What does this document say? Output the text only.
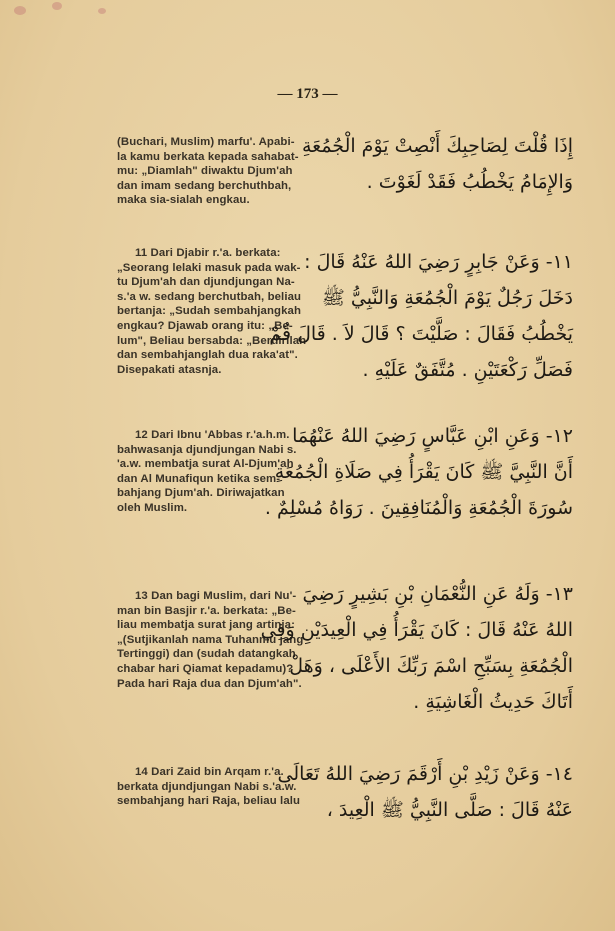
— 173 —
(Buchari, Muslim) marfu'. Apabi-
la kamu berkata kepada sahabat-
mu: „Diamlah" diwaktu Djum'ah
dan imam sedang berchuthbah,
maka sia-sialah engkau.
إِذَا قُلْتَ لِصَاحِبِكَ أَنْصِتْ يَوْمَ الْجُمُعَةِ
وَالإِمَامُ يَخْطُبُ فَقَدْ لَغَوْتَ .
11 Dari Djabir r.'a. berkata:
„Seorang lelaki masuk pada wak-
tu Djum'ah dan djundjungan Na-
s.'a w. sedang berchutbah, beliau
bertanja: „Sudah sembahjangkah
engkau? Djawab orang itu: „Be-
lum", Beliau bersabda: „Berdirilah
dan sembahjanglah dua raka'at".
Disepakati atasnja.
١١- وَعَنْ جَابِرٍ رَضِيَ اللهُ عَنْهُ قَالَ :
دَخَلَ رَجُلٌ يَوْمَ الْجُمُعَةِ وَالنَّبِيُّ ﷺ
يَخْطُبُ فَقَالَ : صَلَّيْتَ ؟ قَالَ لاَ . قَالَ قُمْ
فَصَلِّ رَكْعَتَيْنِ . مُتَّفَقٌ عَلَيْهِ .
12 Dari Ibnu 'Abbas r.'a.h.m.
bahwasanja djundjungan Nabi s.
'a.w. membatja surat Al-Djum'ah
dan Al Munafiqun ketika sem-
bahjang Djum'ah. Diriwajatkan
oleh Muslim.
١٢- وَعَنِ ابْنِ عَبَّاسٍ رَضِيَ اللهُ عَنْهُمَا
أَنَّ النَّبِيَّ ﷺ كَانَ يَقْرَأُ فِي صَلَاةِ الْجُمُعَةِ
سُورَةَ الْجُمُعَةِ وَالْمُنَافِقِينَ . رَوَاهُ مُسْلِمٌ .
13 Dan bagi Muslim, dari Nu'-
man bin Basjir r.'a. berkata: „Be-
liau membatja surat jang artinja:
„(Sutjikanlah nama Tuhanmu jang
Tertinggi) dan (sudah datangkah
chabar hari Qiamat kepadamu)?
Pada hari Raja dua dan Djum'ah".
١٣- وَلَهُ عَنِ النُّعْمَانِ بْنِ بَشِيرٍ رَضِيَ
اللهُ عَنْهُ قَالَ : كَانَ يَقْرَأُ فِي الْعِيدَيْنِ وَفِي
الْجُمُعَةِ بِسَبِّحِ اسْمَ رَبِّكَ الأَعْلَى ، وَهَلْ
أَتَاكَ حَدِيثُ الْغَاشِيَةِ .
14 Dari Zaid bin Arqam r.'a.
berkata djundjungan Nabi s.'a.w.
sembahjang hari Raja, beliau lalu
١٤- وَعَنْ زَيْدِ بْنِ أَرْقَمَ رَضِيَ اللهُ تَعَالَى
عَنْهُ قَالَ : صَلَّى النَّبِيُّ ﷺ الْعِيدَ ،
